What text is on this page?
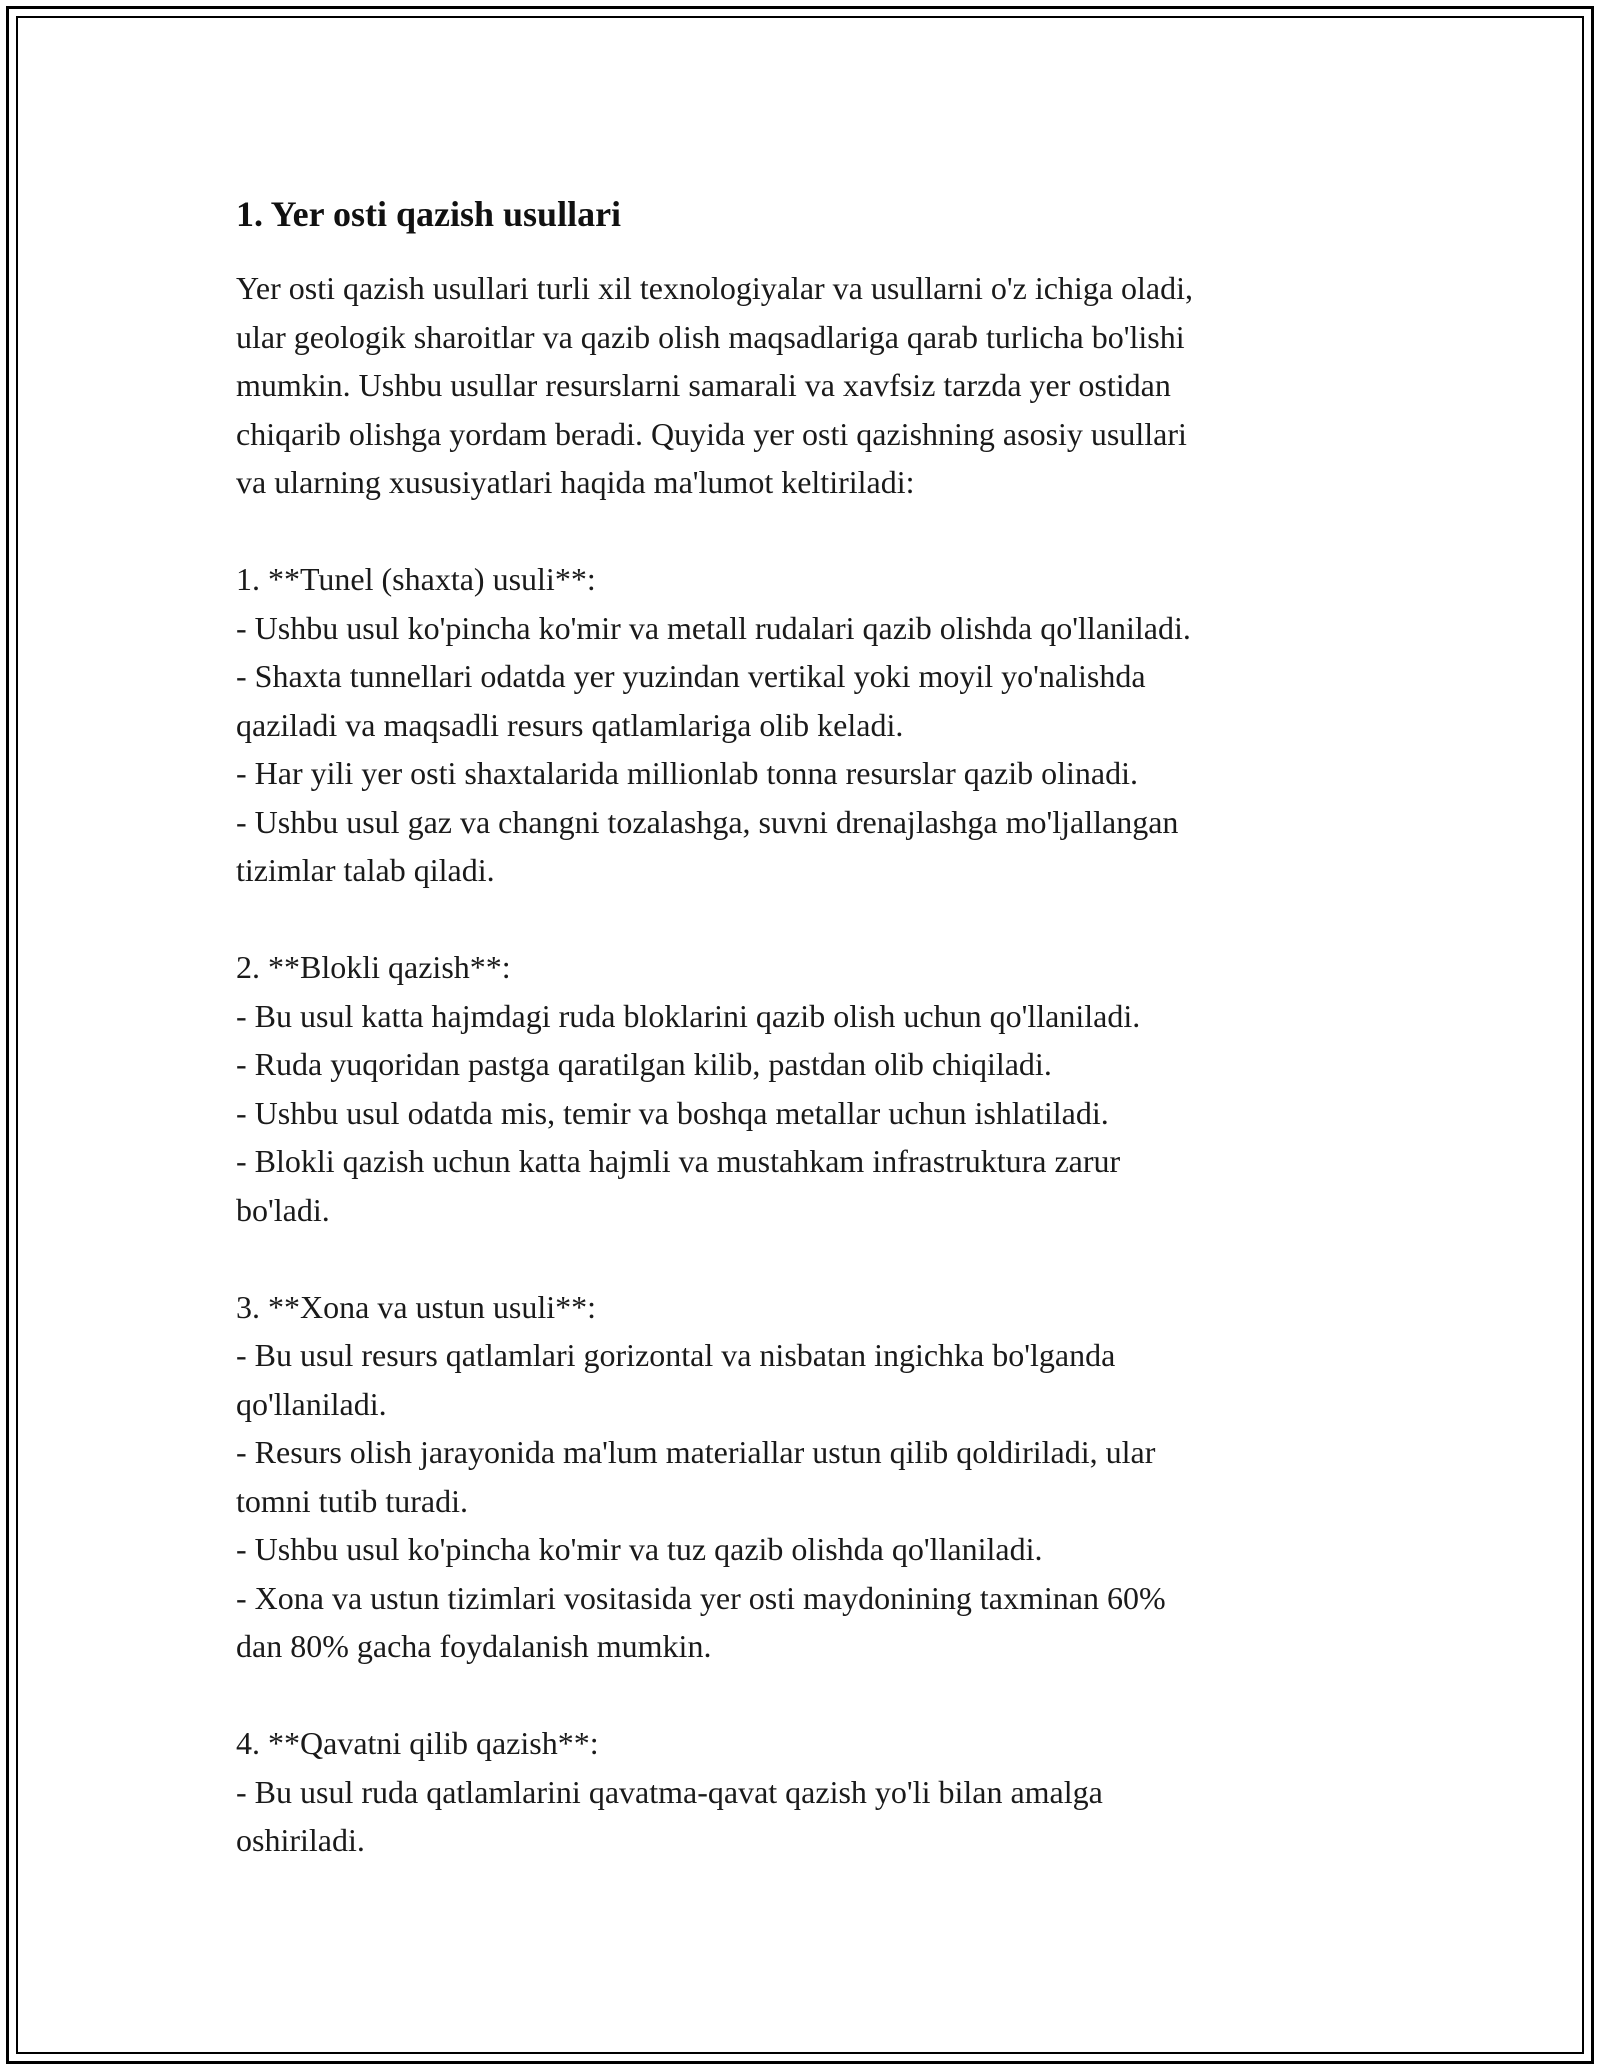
1. Yer osti qazish usullari
Yer osti qazish usullari turli xil texnologiyalar va usullarni o'z ichiga oladi,
ular geologik sharoitlar va qazib olish maqsadlariga qarab turlicha bo'lishi
mumkin. Ushbu usullar resurslarni samarali va xavfsiz tarzda yer ostidan
chiqarib olishga yordam beradi. Quyida yer osti qazishning asosiy usullari
va ularning xususiyatlari haqida ma'lumot keltiriladi:

1. **Tunel (shaxta) usuli**:
- Ushbu usul ko'pincha ko'mir va metall rudalari qazib olishda qo'llaniladi.
- Shaxta tunnellari odatda yer yuzindan vertikal yoki moyil yo'nalishda
qaziladi va maqsadli resurs qatlamlariga olib keladi.
- Har yili yer osti shaxtalarida millionlab tonna resurslar qazib olinadi.
- Ushbu usul gaz va changni tozalashga, suvni drenajlashga mo'ljallangan
tizimlar talab qiladi.

2. **Blokli qazish**:
- Bu usul katta hajmdagi ruda bloklarini qazib olish uchun qo'llaniladi.
- Ruda yuqoridan pastga qaratilgan kilib, pastdan olib chiqiladi.
- Ushbu usul odatda mis, temir va boshqa metallar uchun ishlatiladi.
- Blokli qazish uchun katta hajmli va mustahkam infrastruktura zarur
bo'ladi.

3. **Xona va ustun usuli**:
- Bu usul resurs qatlamlari gorizontal va nisbatan ingichka bo'lganda
qo'llaniladi.
- Resurs olish jarayonida ma'lum materiallar ustun qilib qoldiriladi, ular
tomni tutib turadi.
- Ushbu usul ko'pincha ko'mir va tuz qazib olishda qo'llaniladi.
- Xona va ustun tizimlari vositasida yer osti maydonining taxminan 60%
dan 80% gacha foydalanish mumkin.

4. **Qavatni qilib qazish**:
- Bu usul ruda qatlamlarini qavatma-qavat qazish yo'li bilan amalga
oshiriladi.
